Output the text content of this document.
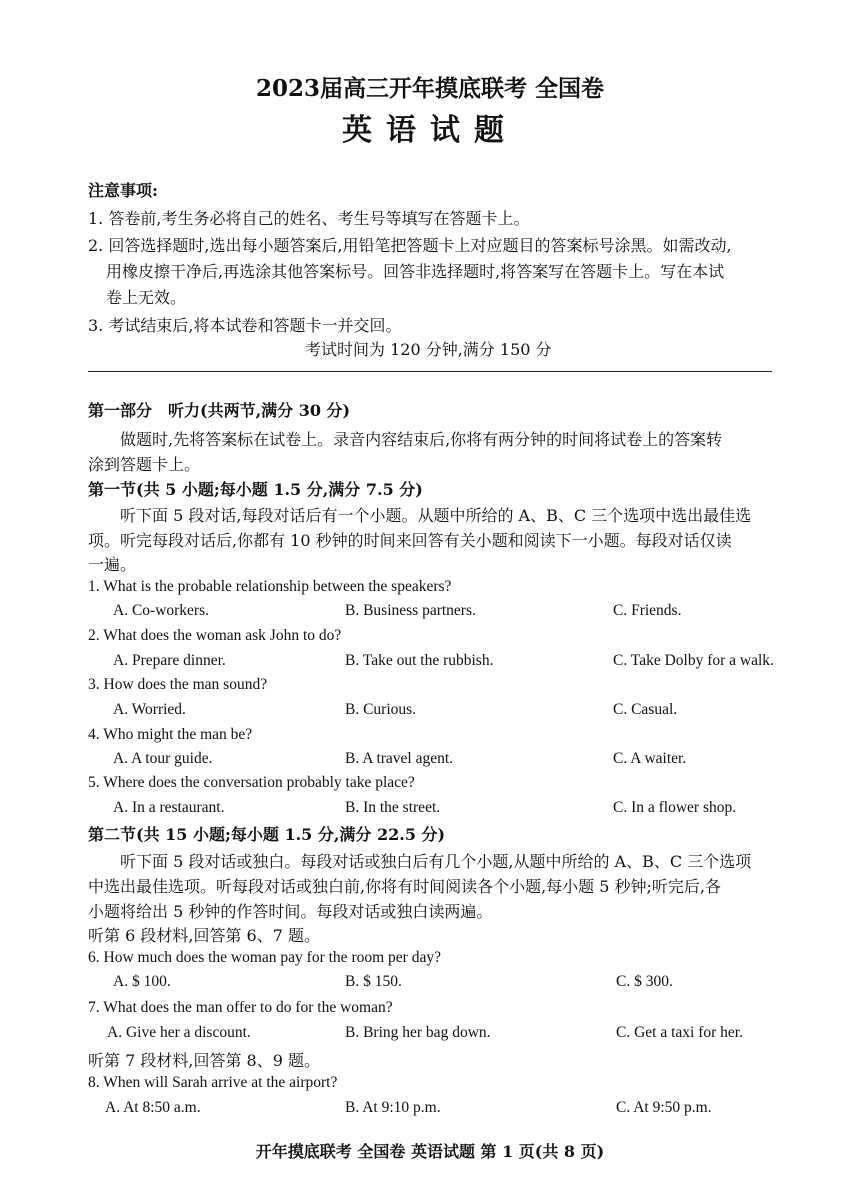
2023届高三开年摸底联考 全国卷
英语试题
注意事项:
1. 答卷前,考生务必将自己的姓名、考生号等填写在答题卡上。
2. 回答选择题时,选出每小题答案后,用铅笔把答题卡上对应题目的答案标号涂黑。如需改动,
用橡皮擦干净后,再选涂其他答案标号。回答非选择题时,将答案写在答题卡上。写在本试
卷上无效。
3. 考试结束后,将本试卷和答题卡一并交回。
考试时间为 120 分钟,满分 150 分
第一部分　听力(共两节,满分 30 分)
做题时,先将答案标在试卷上。录音内容结束后,你将有两分钟的时间将试卷上的答案转
涂到答题卡上。
第一节(共 5 小题;每小题 1.5 分,满分 7.5 分)
听下面 5 段对话,每段对话后有一个小题。从题中所给的 A、B、C 三个选项中选出最佳选
项。听完每段对话后,你都有 10 秒钟的时间来回答有关小题和阅读下一小题。每段对话仅读
一遍。
1. What is the probable relationship between the speakers?
A. Co-workers.	B. Business partners.	C. Friends.
2. What does the woman ask John to do?
A. Prepare dinner.	B. Take out the rubbish.	C. Take Dolby for a walk.
3. How does the man sound?
A. Worried.	B. Curious.	C. Casual.
4. Who might the man be?
A. A tour guide.	B. A travel agent.	C. A waiter.
5. Where does the conversation probably take place?
A. In a restaurant.	B. In the street.	C. In a flower shop.
第二节(共 15 小题;每小题 1.5 分,满分 22.5 分)
听下面 5 段对话或独白。每段对话或独白后有几个小题,从题中所给的 A、B、C 三个选项
中选出最佳选项。听每段对话或独白前,你将有时间阅读各个小题,每小题 5 秒钟;听完后,各
小题将给出 5 秒钟的作答时间。每段对话或独白读两遍。
听第 6 段材料,回答第 6、7 题。
6. How much does the woman pay for the room per day?
A. $ 100.	B. $ 150.	C. $ 300.
7. What does the man offer to do for the woman?
A. Give her a discount.	B. Bring her bag down.	C. Get a taxi for her.
听第 7 段材料,回答第 8、9 题。
8. When will Sarah arrive at the airport?
A. At 8:50 a.m.	B. At 9:10 p.m.	C. At 9:50 p.m.
开年摸底联考 全国卷 英语试题 第 1 页(共 8 页)
